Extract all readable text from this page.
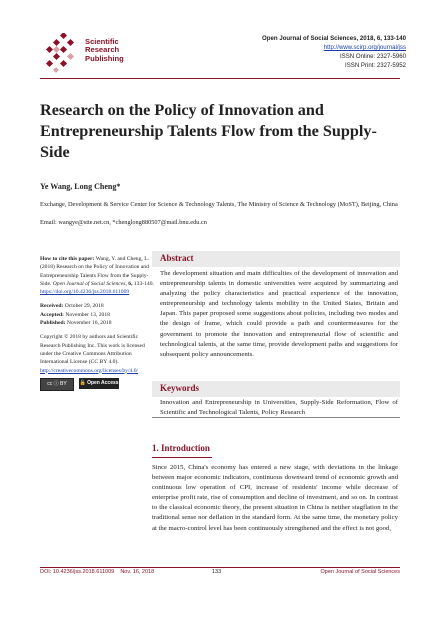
Scientific
Research
Publishing
Open Journal of Social Sciences, 2018, 6, 133-140
http://www.scirp.org/journal/jss
ISSN Online: 2327-5960
ISSN Print: 2327-5952
Research on the Policy of Innovation and Entrepreneurship Talents Flow from the Supply-Side
Ye Wang, Long Cheng*
Exchange, Development & Service Center for Science & Technology Talents, The Ministry of Science & Technology (MoST), Beijing, China
Email: wangye@stte.net.cn, *chenglong880507@mail.bnu.edu.cn

How to cite this paper: Wang, Y. and Cheng, L. (2018) Research on the Policy of Innovation and Entrepreneurship Talents Flow from the Supply-Side. Open Journal of Social Sciences, 6, 133-140. https://doi.org/10.4236/jss.2018.611009

Received: October 29, 2018

Accepted: November 13, 2018

Published: November 16, 2018

Copyright © 2018 by authors and Scientific Research Publishing Inc. This work is licensed under the Creative Commons Attribution International License (CC BY 4.0).

http://creativecommons.org/licenses/by/4.0/

cc ⓘ BY	🔓 Open Access
Abstract
The development situation and main difficulties of the development of innovation and entrepreneurship talents in domestic universities were acquired by summarizing and analyzing the policy characteristics and practical experience of the innovation, entrepreneurship and technology talents mobility in the United States, Britain and Japan. This paper proposed some suggestions about policies, including two modes and the design of frame, which could provide a path and countermeasures for the government to promote the innovation and entrepreneurial flow of scientific and technological talents, at the same time, provide development paths and suggestions for subsequent policy announcements.
Keywords
Innovation and Entrepreneurship in Universities, Supply-Side Reformation, Flow of Scientific and Technological Talents, Policy Research
1. Introduction
Since 2015, China's economy has entered a new stage, with deviations in the linkage between major economic indicators, continuous downward trend of economic growth and continuous low operation of CPI, increase of residents' income while decrease of enterprise profit rate, rise of consumption and decline of investment, and so on. In contrast to the classical economic theory, the present situation in China is neither stagflation in the traditional sense nor deflation in the standard form. At the same time, the monetary policy at the macro-control level has been continuously strengthened and the effect is not good,
DOI: 10.4236/jss.2018.611009 Nov. 16, 2018	133	Open Journal of Social Sciences
